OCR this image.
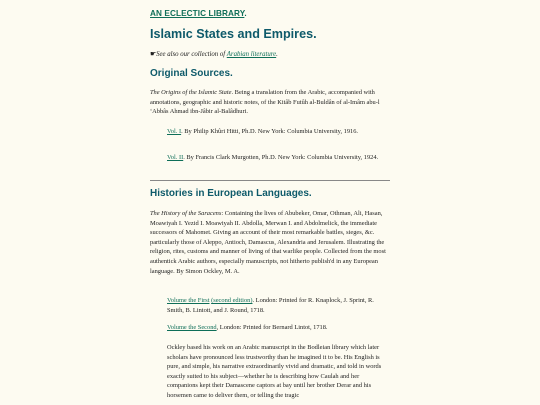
AN ECLECTIC LIBRARY.
Islamic States and Empires.
☛See also our collection of Arabian literature.
Original Sources.
The Origins of the Islamic State. Being a translation from the Arabic, accompanied with annotations, geographic and historic notes, of the Kitâb Futûh al-Buldân of al-Imâm abu-l ‘Abbâs Ahmad ibn-Jâbir al-Balâdhuri.
Vol. I. By Philip Khûri Hitti, Ph.D. New York: Columbia University, 1916.
Vol. II. By Francis Clark Murgotten, Ph.D. New York: Columbia University, 1924.
Histories in European Languages.
The History of the Saracens: Containing the lives of Abubeker, Omar, Othman, Ali, Hasan, Moawiyah I. Yezid I. Moawiyah II. Abdolla, Merwan I. and Abdolmelick, the immediate successors of Mahomet. Giving an account of their most remarkable battles, sieges, &c. particularly those of Aleppo, Antioch, Damascus, Alexandria and Jerusalem. Illustrating the religion, rites, customs and manner of living of that warlike people. Collected from the most authentick Arabic authors, especially manuscripts, not hitherto publish'd in any European language. By Simon Ockley, M. A.
Volume the First (second edition). London: Printed for R. Knaplock, J. Sprint, R. Smith, B. Lintott, and J. Round, 1718.
Volume the Second, London: Printed for Bernard Lintot, 1718.
Ockley based his work on an Arabic manuscript in the Bodleian library which later scholars have pronounced less trustworthy than he imagined it to be. His English is pure, and simple, his narrative extraordinarily vivid and dramatic, and told in words exactly suited to his subject—whether he is describing how Caulah and her companions kept their Damascene captors at bay until her brother Derar and his horsemen came to deliver them, or telling the tragic
